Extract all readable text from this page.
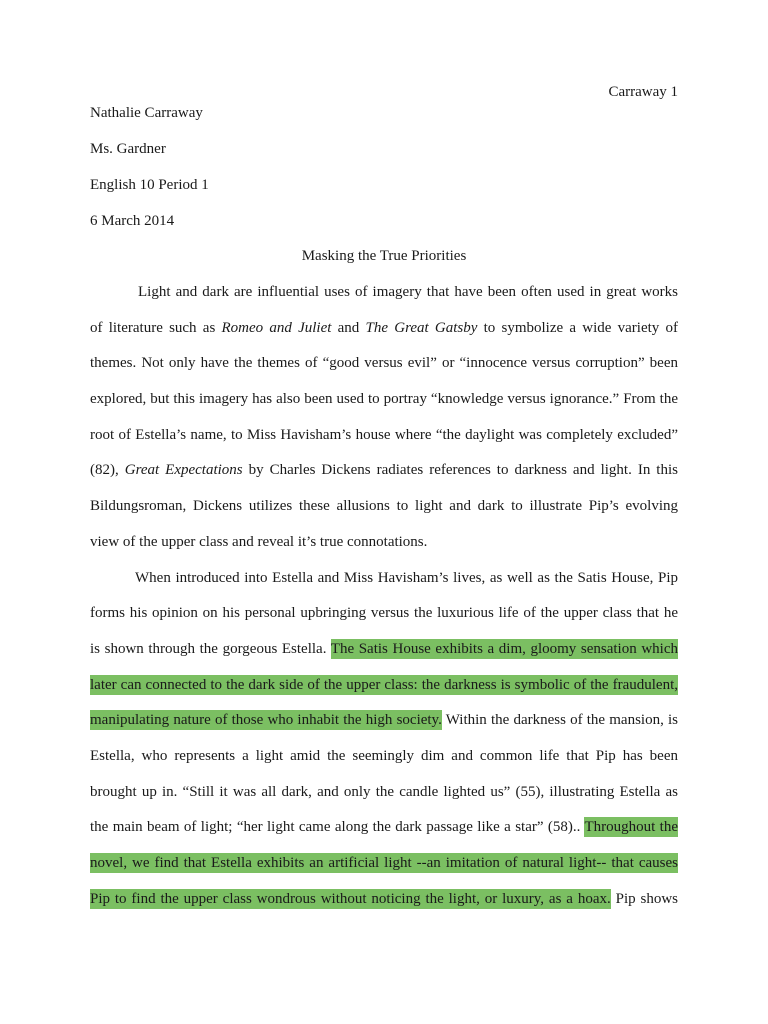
Carraway 1
Nathalie Carraway
Ms. Gardner
English 10 Period 1
6 March 2014
Masking the True Priorities
Light and dark are influential uses of imagery that have been often used in great works
of literature such as Romeo and Juliet and The Great Gatsby to symbolize a wide variety of
themes. Not only have the themes of “good versus evil” or “innocence versus corruption” been
explored, but this imagery has also been used to portray “knowledge versus ignorance.” From the
root of Estella’s name, to Miss Havisham’s house where “the daylight was completely excluded”
(82), Great Expectations by Charles Dickens radiates references to darkness and light. In this
Bildungsroman, Dickens utilizes these allusions to light and dark to illustrate Pip’s evolving
view of the upper class and reveal it’s true connotations.
When introduced into Estella and Miss Havisham’s lives, as well as the Satis House, Pip
forms his opinion on his personal upbringing versus the luxurious life of the upper class that he
is shown through the gorgeous Estella. The Satis House exhibits a dim, gloomy sensation which
later can connected to the dark side of the upper class: the darkness is symbolic of the fraudulent,
manipulating nature of those who inhabit the high society. Within the darkness of the mansion, is
Estella, who represents a light amid the seemingly dim and common life that Pip has been
brought up in. “Still it was all dark, and only the candle lighted us” (55), illustrating Estella as
the main beam of light; “her light came along the dark passage like a star” (58).. Throughout the
novel, we find that Estella exhibits an artificial light --an imitation of natural light-- that causes
Pip to find the upper class wondrous without noticing the light, or luxury, as a hoax. Pip shows
